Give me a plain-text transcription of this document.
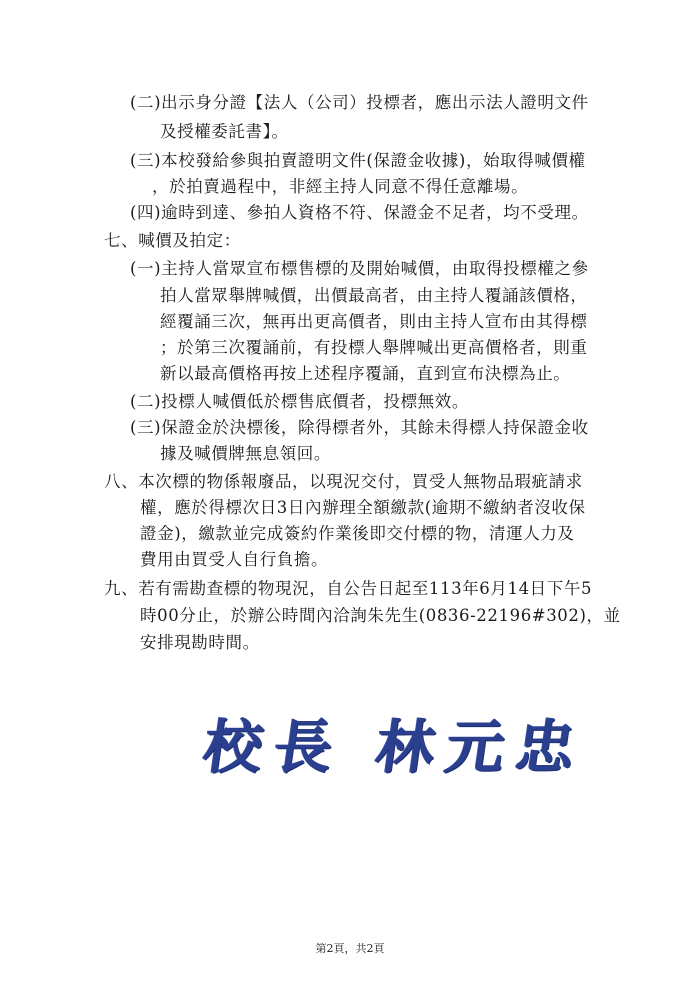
(二)出示身分證【法人（公司）投標者，應出示法人證明文件
及授權委託書】。
(三)本校發給參與拍賣證明文件(保證金收據)，始取得喊價權
，於拍賣過程中，非經主持人同意不得任意離場。
(四)逾時到達、參拍人資格不符、保證金不足者，均不受理。
七、喊價及拍定：
(一)主持人當眾宣布標售標的及開始喊價，由取得投標權之參
拍人當眾舉牌喊價，出價最高者，由主持人覆誦該價格，
經覆誦三次，無再出更高價者，則由主持人宣布由其得標
；於第三次覆誦前，有投標人舉牌喊出更高價格者，則重
新以最高價格再按上述程序覆誦，直到宣布決標為止。
(二)投標人喊價低於標售底價者，投標無效。
(三)保證金於決標後，除得標者外，其餘未得標人持保證金收
據及喊價牌無息領回。
八、本次標的物係報廢品，以現況交付，買受人無物品瑕疵請求
權，應於得標次日3日內辦理全額繳款(逾期不繳納者沒收保
證金)，繳款並完成簽約作業後即交付標的物，清運人力及
費用由買受人自行負擔。
九、若有需勘查標的物現況，自公告日起至113年6月14日下午5
時00分止，於辦公時間內洽詢朱先生(0836-22196#302)，並
安排現勘時間。
校長 林元忠
第2頁，共2頁
